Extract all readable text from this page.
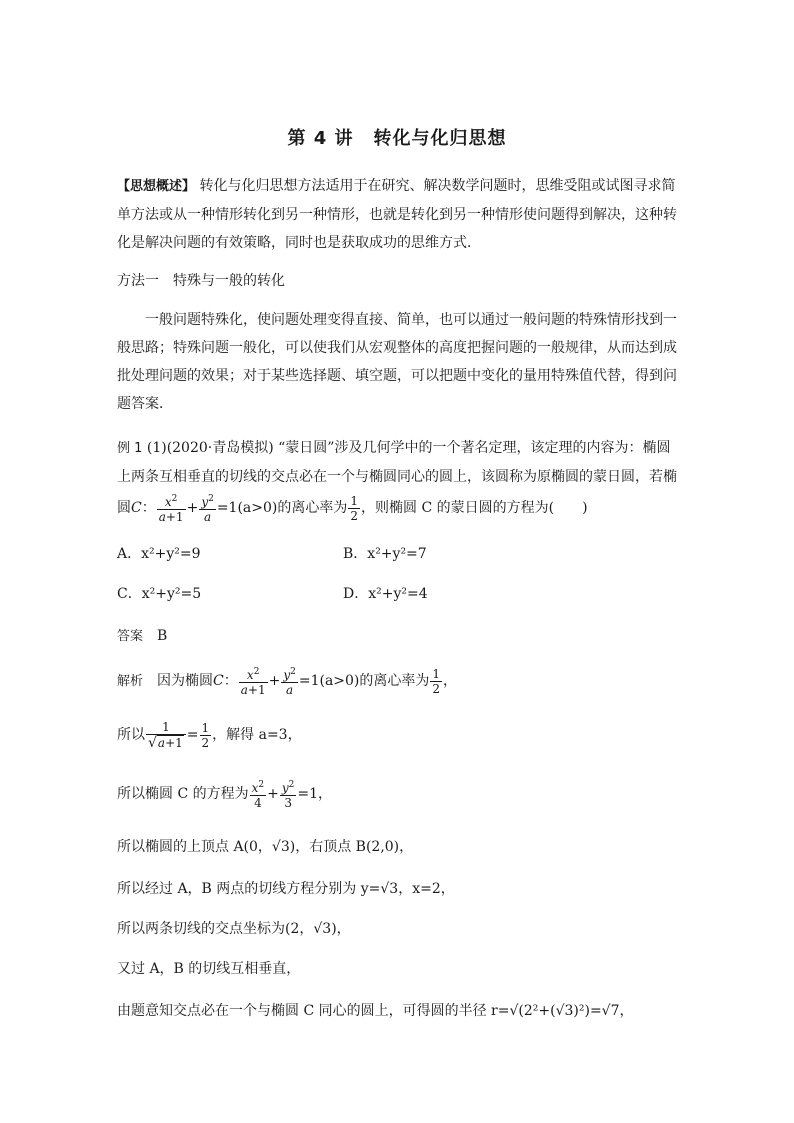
第 4 讲 转化与化归思想
【思想概述】 转化与化归思想方法适用于在研究、解决数学问题时，思维受阻或试图寻求简单方法或从一种情形转化到另一种情形，也就是转化到另一种情形使问题得到解决，这种转化是解决问题的有效策略，同时也是获取成功的思维方式．
方法一　特殊与一般的转化
一般问题特殊化，使问题处理变得直接、简单，也可以通过一般问题的特殊情形找到一般思路；特殊问题一般化，可以使我们从宏观整体的高度把握问题的一般规律，从而达到成批处理问题的效果；对于某些选择题、填空题，可以把题中变化的量用特殊值代替，得到问题答案．
例 1 (1)(2020·青岛模拟) “蒙日圆”涉及几何学中的一个著名定理，该定理的内容为：椭圆
上两条互相垂直的切线的交点必在一个与椭圆同心的圆上，该圆称为原椭圆的蒙日圆，若椭
圆C： $\frac{x^2}{a+1} + \frac{y^2}{a} =1(a>0)$的离心率为 $\frac{1}{2}$ ，则椭圆 C 的蒙日圆的方程为(　　)
A．x²+y²=9	B．x²+y²=7
C．x²+y²=5	D．x²+y²=4
答案　 B
解析　 因为椭圆C： $\frac{x^2}{a+1} + \frac{y^2}{a} =1(a>0)$的离心率为 $\frac{1}{2}$ ，
所以 $\frac{1}{√a+1} = \frac{1}{2}$ ，解得 a=3，
所以椭圆 C 的方程为 $\frac{x^2}{4} + \frac{y^2}{3} =1$，
所以椭圆的上顶点 A(0，√3)，右顶点 B(2,0)，
所以经过 A，B 两点的切线方程分别为 y=√3，x=2，
所以两条切线的交点坐标为(2，√3)，
又过 A，B 的切线互相垂直，
由题意知交点必在一个与椭圆 C 同心的圆上，可得圆的半径 r=√(2²+(√3)²)=√7，
